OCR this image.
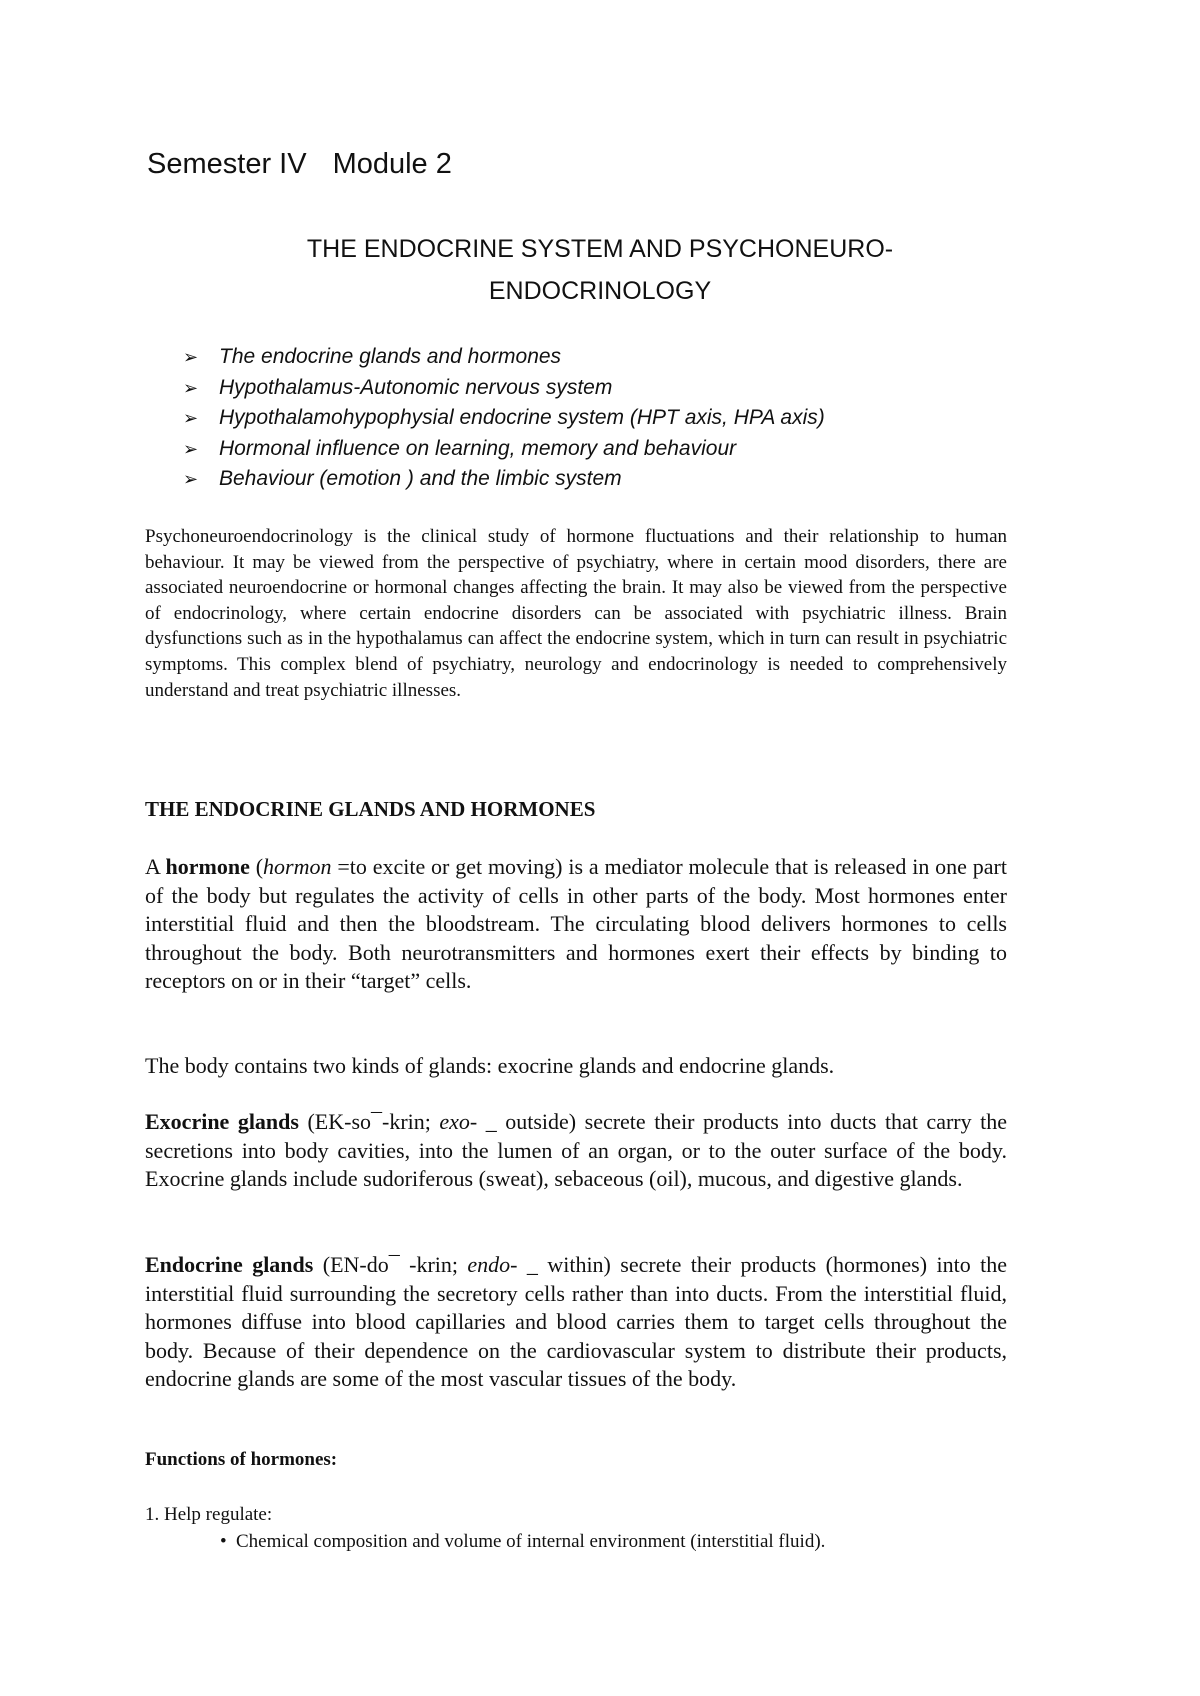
Semester IV Module 2
THE ENDOCRINE SYSTEM AND PSYCHONEURO-
ENDOCRINOLOGY
➢ The endocrine glands and hormones
➢ Hypothalamus-Autonomic nervous system
➢ Hypothalamohypophysial endocrine system (HPT axis, HPA axis)
➢ Hormonal influence on learning, memory and behaviour
➢ Behaviour (emotion ) and the limbic system

Psychoneuroendocrinology is the clinical study of hormone fluctuations and their relationship to human behaviour. It may be viewed from the perspective of psychiatry, where in certain mood disorders, there are associated neuroendocrine or hormonal changes affecting the brain. It may also be viewed from the perspective of endocrinology, where certain endocrine disorders can be associated with psychiatric illness. Brain dysfunctions such as in the hypothalamus can affect the endocrine system, which in turn can result in psychiatric symptoms. This complex blend of psychiatry, neurology and endocrinology is needed to comprehensively understand and treat psychiatric illnesses.

THE ENDOCRINE GLANDS AND HORMONES

A hormone (hormon =to excite or get moving) is a mediator molecule that is released in one part of the body but regulates the activity of cells in other parts of the body. Most hormones enter interstitial fluid and then the bloodstream. The circulating blood delivers hormones to cells throughout the body. Both neurotransmitters and hormones exert their effects by binding to receptors on or in their “target” cells.

The body contains two kinds of glands: exocrine glands and endocrine glands.

Exocrine glands (EK-so¯-krin; exo- _ outside) secrete their products into ducts that carry the secretions into body cavities, into the lumen of an organ, or to the outer surface of the body. Exocrine glands include sudoriferous (sweat), sebaceous (oil), mucous, and digestive glands.

Endocrine glands (EN-do¯ -krin; endo- _ within) secrete their products (hormones) into the interstitial fluid surrounding the secretory cells rather than into ducts. From the interstitial fluid, hormones diffuse into blood capillaries and blood carries them to target cells throughout the body. Because of their dependence on the cardiovascular system to distribute their products, endocrine glands are some of the most vascular tissues of the body.

Functions of hormones:

1. Help regulate:

• Chemical composition and volume of internal environment (interstitial fluid).
